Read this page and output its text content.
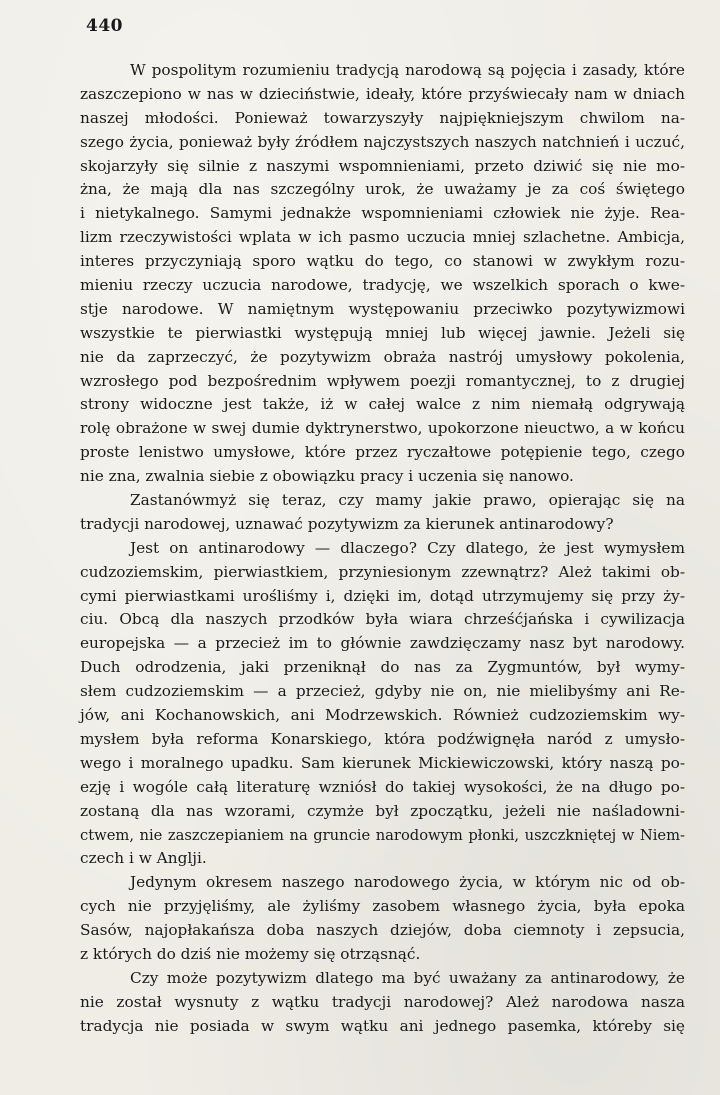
440
W pospolitym rozumieniu tradycją narodową są pojęcia i zasady, które
zaszczepiono w nas w dzieciństwie, ideały, które przyświecały nam w dniach
naszej młodości. Ponieważ towarzyszyły najpiękniejszym chwilom na-
szego życia, ponieważ były źródłem najczystszych naszych natchnień i uczuć,
skojarzyły się silnie z naszymi wspomnieniami, przeto dziwić się nie mo-
żna, że mają dla nas szczególny urok, że uważamy je za coś świętego
i nietykalnego. Samymi jednakże wspomnieniami człowiek nie żyje. Rea-
lizm rzeczywistości wplata w ich pasmo uczucia mniej szlachetne. Ambicja,
interes przyczyniają sporo wątku do tego, co stanowi w zwykłym rozu-
mieniu rzeczy uczucia narodowe, tradycję, we wszelkich sporach o kwe-
stje narodowe. W namiętnym występowaniu przeciwko pozytywizmowi
wszystkie te pierwiastki występują mniej lub więcej jawnie. Jeżeli się
nie da zaprzeczyć, że pozytywizm obraża nastrój umysłowy pokolenia,
wzrosłego pod bezpośrednim wpływem poezji romantycznej, to z drugiej
strony widoczne jest także, iż w całej walce z nim niemałą odgrywają
rolę obrażone w swej dumie dyktrynerstwo, upokorzone nieuctwo, a w końcu
proste lenistwo umysłowe, które przez ryczałtowe potępienie tego, czego
nie zna, zwalnia siebie z obowiązku pracy i uczenia się nanowo.
Zastanówmyż się teraz, czy mamy jakie prawo, opierając się na
tradycji narodowej, uznawać pozytywizm za kierunek antinarodowy?
Jest on antinarodowy — dlaczego? Czy dlatego, że jest wymysłem
cudzoziemskim, pierwiastkiem, przyniesionym zzewnątrz? Ależ takimi ob-
cymi pierwiastkami urośliśmy i, dzięki im, dotąd utrzymujemy się przy ży-
ciu. Obcą dla naszych przodków była wiara chrześćjańska i cywilizacja
europejska — a przecież im to głównie zawdzięczamy nasz byt narodowy.
Duch odrodzenia, jaki przeniknął do nas za Zygmuntów, był wymy-
słem cudzoziemskim — a przecież, gdyby nie on, nie mielibyśmy ani Re-
jów, ani Kochanowskich, ani Modrzewskich. Również cudzoziemskim wy-
mysłem była reforma Konarskiego, która podźwignęła naród z umysło-
wego i moralnego upadku. Sam kierunek Mickiewiczowski, który naszą po-
ezję i wogóle całą literaturę wzniósł do takiej wysokości, że na długo po-
zostaną dla nas wzorami, czymże był zpoczątku, jeżeli nie naśladowni-
ctwem, nie zaszczepianiem na gruncie narodowym płonki, uszczkniętej w Niem-
czech i w Anglji.
Jedynym okresem naszego narodowego życia, w którym nic od ob-
cych nie przyjęliśmy, ale żyliśmy zasobem własnego życia, była epoka
Sasów, najopłakańsza doba naszych dziejów, doba ciemnoty i zepsucia,
z których do dziś nie możemy się otrząsnąć.
Czy może pozytywizm dlatego ma być uważany za antinarodowy, że
nie został wysnuty z wątku tradycji narodowej? Ależ narodowa nasza
tradycja nie posiada w swym wątku ani jednego pasemka, któreby się
